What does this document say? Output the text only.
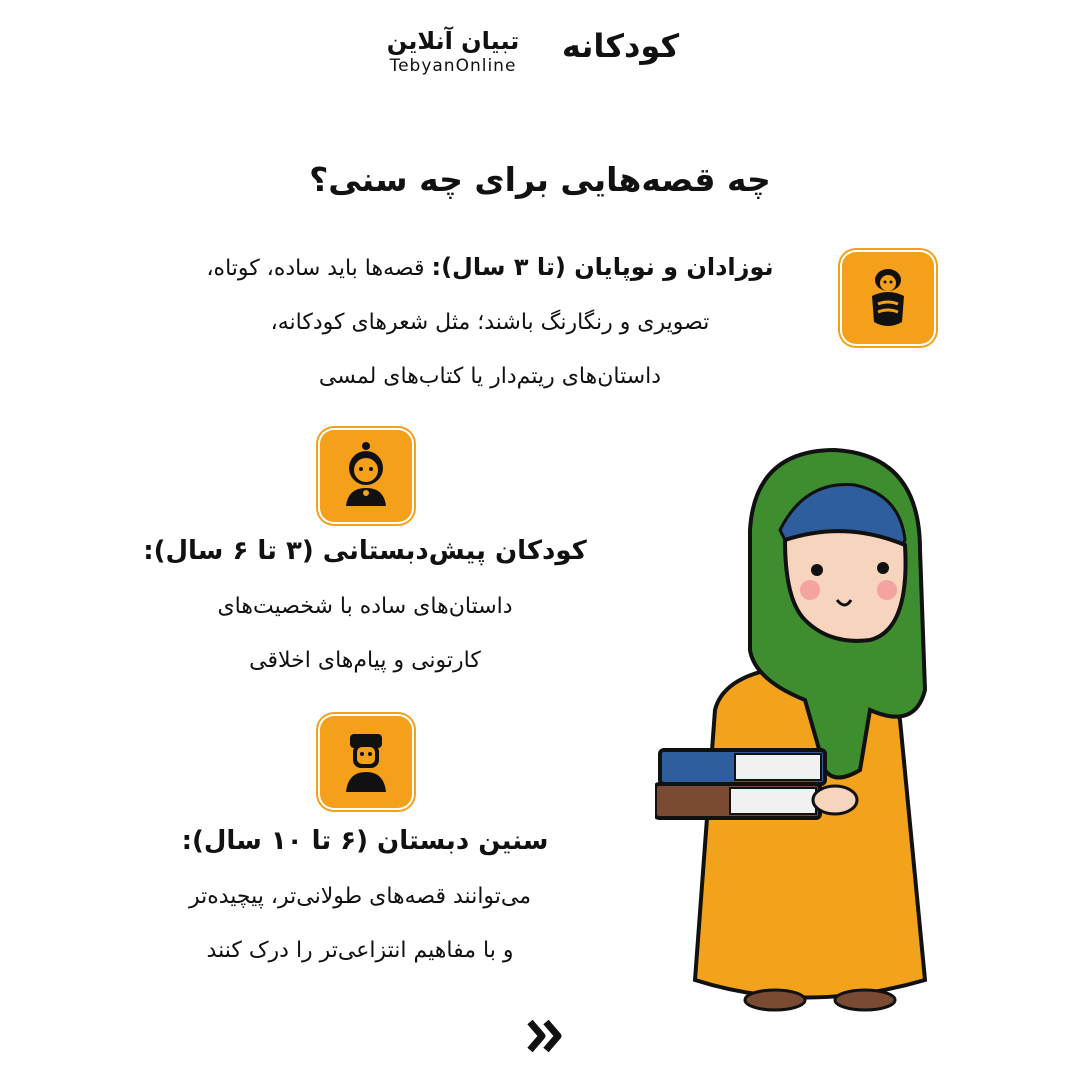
تبیان آنلاین
TebyanOnline
کودکانه
چه قصه‌هایی برای چه سنی؟
نوزادان و نوپایان (تا ۳ سال): قصه‌ها باید ساده، کوتاه،
تصویری و رنگارنگ باشند؛ مثل شعرهای کودکانه،
داستان‌های ریتم‌دار یا کتاب‌های لمسی
کودکان پیش‌دبستانی (۳ تا ۶ سال):
داستان‌های ساده با شخصیت‌های
کارتونی و پیام‌های اخلاقی
سنین دبستان (۶ تا ۱۰ سال):
می‌توانند قصه‌های طولانی‌تر، پیچیده‌تر
و با مفاهیم انتزاعی‌تر را درک کنند
